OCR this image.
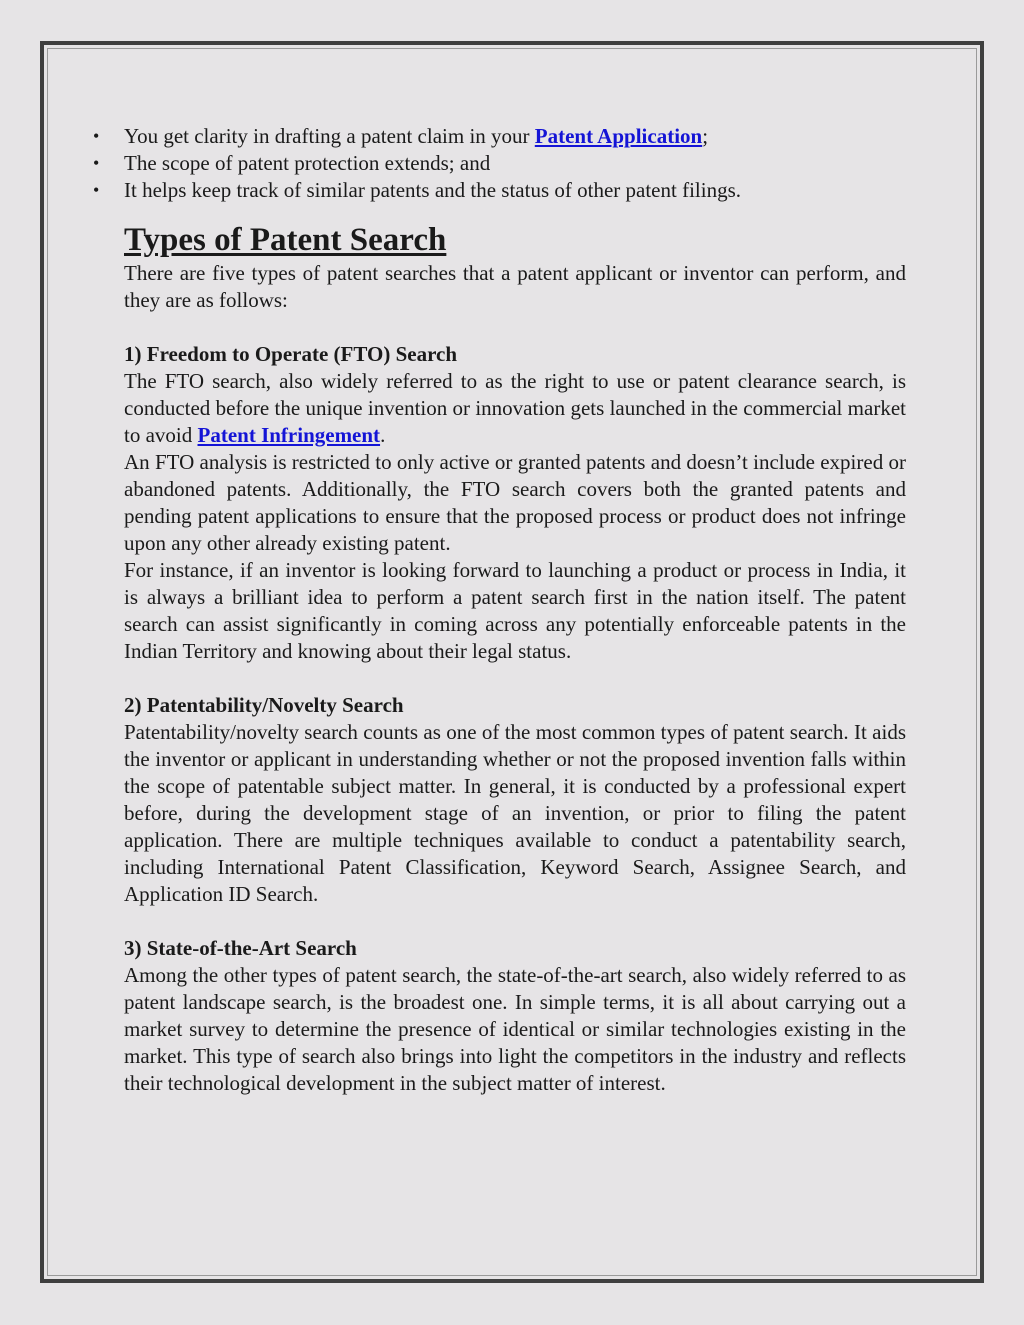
• You get clarity in drafting a patent claim in your Patent Application;
• The scope of patent protection extends; and
• It helps keep track of similar patents and the status of other patent filings.
Types of Patent Search

There are five types of patent searches that a patent applicant or inventor can perform, and they are as follows:

1) Freedom to Operate (FTO) Search

The FTO search, also widely referred to as the right to use or patent clearance search, is conducted before the unique invention or innovation gets launched in the commercial market to avoid Patent Infringement.

An FTO analysis is restricted to only active or granted patents and doesn’t include expired or abandoned patents. Additionally, the FTO search covers both the granted patents and pending patent applications to ensure that the proposed process or product does not infringe upon any other already existing patent.

For instance, if an inventor is looking forward to launching a product or process in India, it is always a brilliant idea to perform a patent search first in the nation itself. The patent search can assist significantly in coming across any potentially enforceable patents in the Indian Territory and knowing about their legal status.

2) Patentability/Novelty Search

Patentability/novelty search counts as one of the most common types of patent search. It aids the inventor or applicant in understanding whether or not the proposed invention falls within the scope of patentable subject matter. In general, it is conducted by a professional expert before, during the development stage of an invention, or prior to filing the patent application. There are multiple techniques available to conduct a patentability search, including International Patent Classification, Keyword Search, Assignee Search, and Application ID Search.

3) State-of-the-Art Search

Among the other types of patent search, the state-of-the-art search, also widely referred to as patent landscape search, is the broadest one. In simple terms, it is all about carrying out a market survey to determine the presence of identical or similar technologies existing in the market. This type of search also brings into light the competitors in the industry and reflects their technological development in the subject matter of interest.
